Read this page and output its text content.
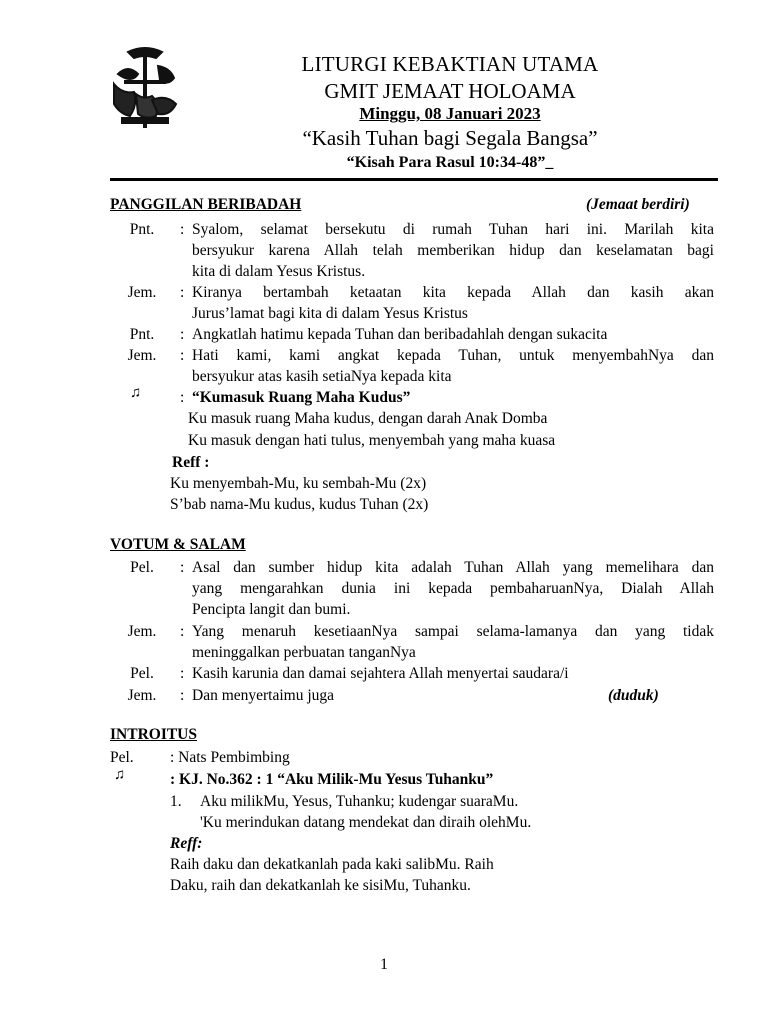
LITURGI KEBAKTIAN UTAMA
GMIT JEMAAT HOLOAMA
Minggu, 08 Januari 2023
“Kasih Tuhan bagi Segala Bangsa”
“Kisah Para Rasul 10:34-48”_
PANGGILAN BERIBADAH	(Jemaat berdiri)
Pnt.	: Syalom, selamat bersekutu di rumah Tuhan hari ini. Marilah kita
bersyukur karena Allah telah memberikan hidup dan keselamatan bagi
kita di dalam Yesus Kristus.
Jem.	: Kiranya bertambah ketaatan kita kepada Allah dan kasih akan
Jurus’lamat bagi kita di dalam Yesus Kristus
Pnt.	: Angkatlah hatimu kepada Tuhan dan beribadahlah dengan sukacita
Jem.	: Hati kami, kami angkat kepada Tuhan, untuk menyembahNya dan
bersyukur atas kasih setiaNya kepada kita
♫	: “Kumasuk Ruang Maha Kudus”
Ku masuk ruang Maha kudus, dengan darah Anak Domba
Ku masuk dengan hati tulus, menyembah yang maha kuasa
Reff :
Ku menyembah-Mu, ku sembah-Mu (2x)
S’bab nama-Mu kudus, kudus Tuhan (2x)
VOTUM & SALAM
Pel.	: Asal dan sumber hidup kita adalah Tuhan Allah yang memelihara dan
yang mengarahkan dunia ini kepada pembaharuanNya, Dialah Allah
Pencipta langit dan bumi.
Jem.	: Yang menaruh kesetiaanNya sampai selama-lamanya dan yang tidak
meninggalkan perbuatan tanganNya
Pel.	: Kasih karunia dan damai sejahtera Allah menyertai saudara/i
Jem.	: Dan menyertaimu juga	(duduk)
INTROITUS
Pel. : Nats Pembimbing
♫	: KJ. No.362 : 1 “Aku Milik-Mu Yesus Tuhanku”
1. Aku milikMu, Yesus, Tuhanku; kudengar suaraMu.
'Ku merindukan datang mendekat dan diraih olehMu.
Reff:
Raih daku dan dekatkanlah pada kaki salibMu. Raih
Daku, raih dan dekatkanlah ke sisiMu, Tuhanku.
1
